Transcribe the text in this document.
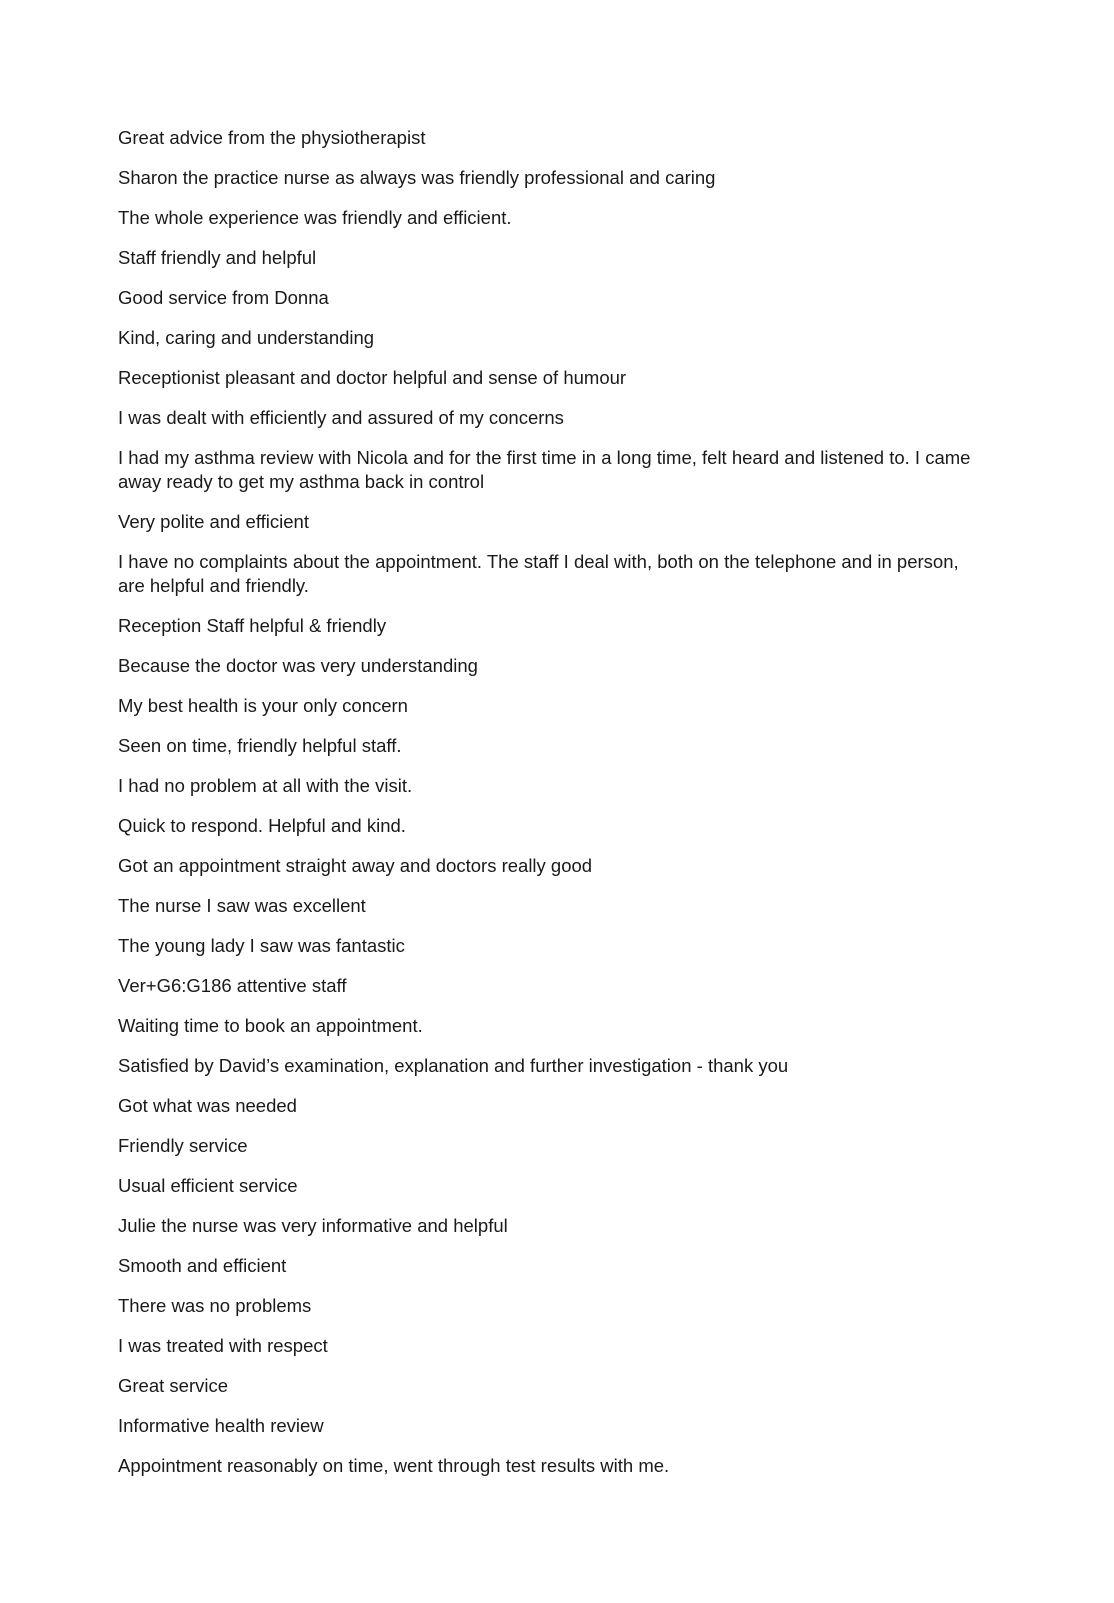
Great advice from the physiotherapist
Sharon the practice nurse as always was friendly professional and caring
The whole experience was friendly and efficient.
Staff friendly and helpful
Good service from Donna
Kind, caring and understanding
Receptionist pleasant and doctor helpful and sense of humour
I was dealt with efficiently and assured of my concerns
I had my asthma review with Nicola and for the first time in a long time, felt heard and listened to. I came away ready to get my asthma back in control
Very polite and efficient
I have no complaints about the appointment. The staff I deal with, both on the telephone and in person, are helpful and friendly.
Reception Staff helpful & friendly
Because the doctor was very understanding
My best health is your only concern
Seen on time, friendly helpful staff.
I had no problem at all with the visit.
Quick to respond. Helpful and kind.
Got an appointment straight away and doctors really good
The nurse I saw was excellent
The young lady I saw was fantastic
Ver+G6:G186 attentive staff
Waiting time to book an appointment.
Satisfied by David’s examination, explanation and further investigation - thank you
Got what was needed
Friendly service
Usual efficient service
Julie the nurse was very informative and helpful
Smooth and efficient
There was no problems
I was treated with respect
Great service
Informative health review
Appointment reasonably on time, went through test results with me.
